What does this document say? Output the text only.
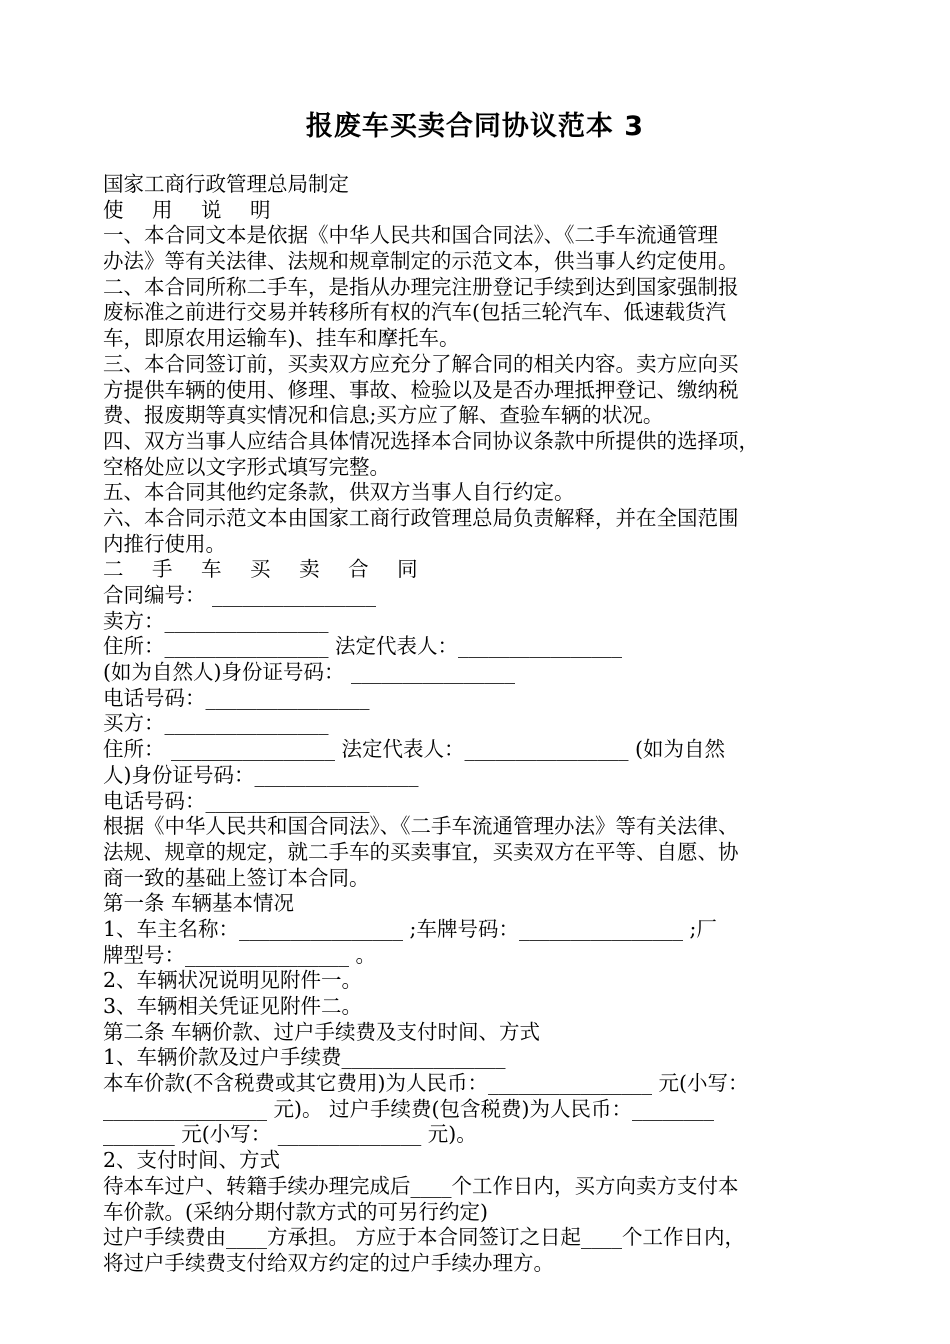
报废车买卖合同协议范本 3
国家工商行政管理总局制定
使 用 说 明
一、本合同文本是依据《中华人民共和国合同法》、《二手车流通管理
办法》等有关法律、法规和规章制定的示范文本，供当事人约定使用。
二、本合同所称二手车，是指从办理完注册登记手续到达到国家强制报
废标准之前进行交易并转移所有权的汽车(包括三轮汽车、低速载货汽
车，即原农用运输车)、挂车和摩托车。
三、本合同签订前，买卖双方应充分了解合同的相关内容。卖方应向买
方提供车辆的使用、修理、事故、检验以及是否办理抵押登记、缴纳税
费、报废期等真实情况和信息;买方应了解、查验车辆的状况。
四、双方当事人应结合具体情况选择本合同协议条款中所提供的选择项，
空格处应以文字形式填写完整。
五、本合同其他约定条款，供双方当事人自行约定。
六、本合同示范文本由国家工商行政管理总局负责解释，并在全国范围
内推行使用。
二 手 车 买 卖 合 同
合同编号： ________________
卖方：________________
住所：________________ 法定代表人：________________
(如为自然人)身份证号码： ________________
电话号码：________________
买方：________________
住所： ________________ 法定代表人：________________ (如为自然
人)身份证号码：________________
电话号码：________________
根据《中华人民共和国合同法》、《二手车流通管理办法》等有关法律、
法规、规章的规定，就二手车的买卖事宜，买卖双方在平等、自愿、协
商一致的基础上签订本合同。
第一条 车辆基本情况
1、车主名称：________________ ;车牌号码：________________ ;厂
牌型号：________________ 。
2、车辆状况说明见附件一。
3、车辆相关凭证见附件二。
第二条 车辆价款、过户手续费及支付时间、方式
1、车辆价款及过户手续费________________
本车价款(不含税费或其它费用)为人民币：________________ 元(小写：
________________ 元)。 过户手续费(包含税费)为人民币：________
_______ 元(小写： ______________ 元)。
2、支付时间、方式
待本车过户、转籍手续办理完成后____个工作日内，买方向卖方支付本
车价款。(采纳分期付款方式的可另行约定)
过户手续费由____方承担。 方应于本合同签订之日起____个工作日内，
将过户手续费支付给双方约定的过户手续办理方。
